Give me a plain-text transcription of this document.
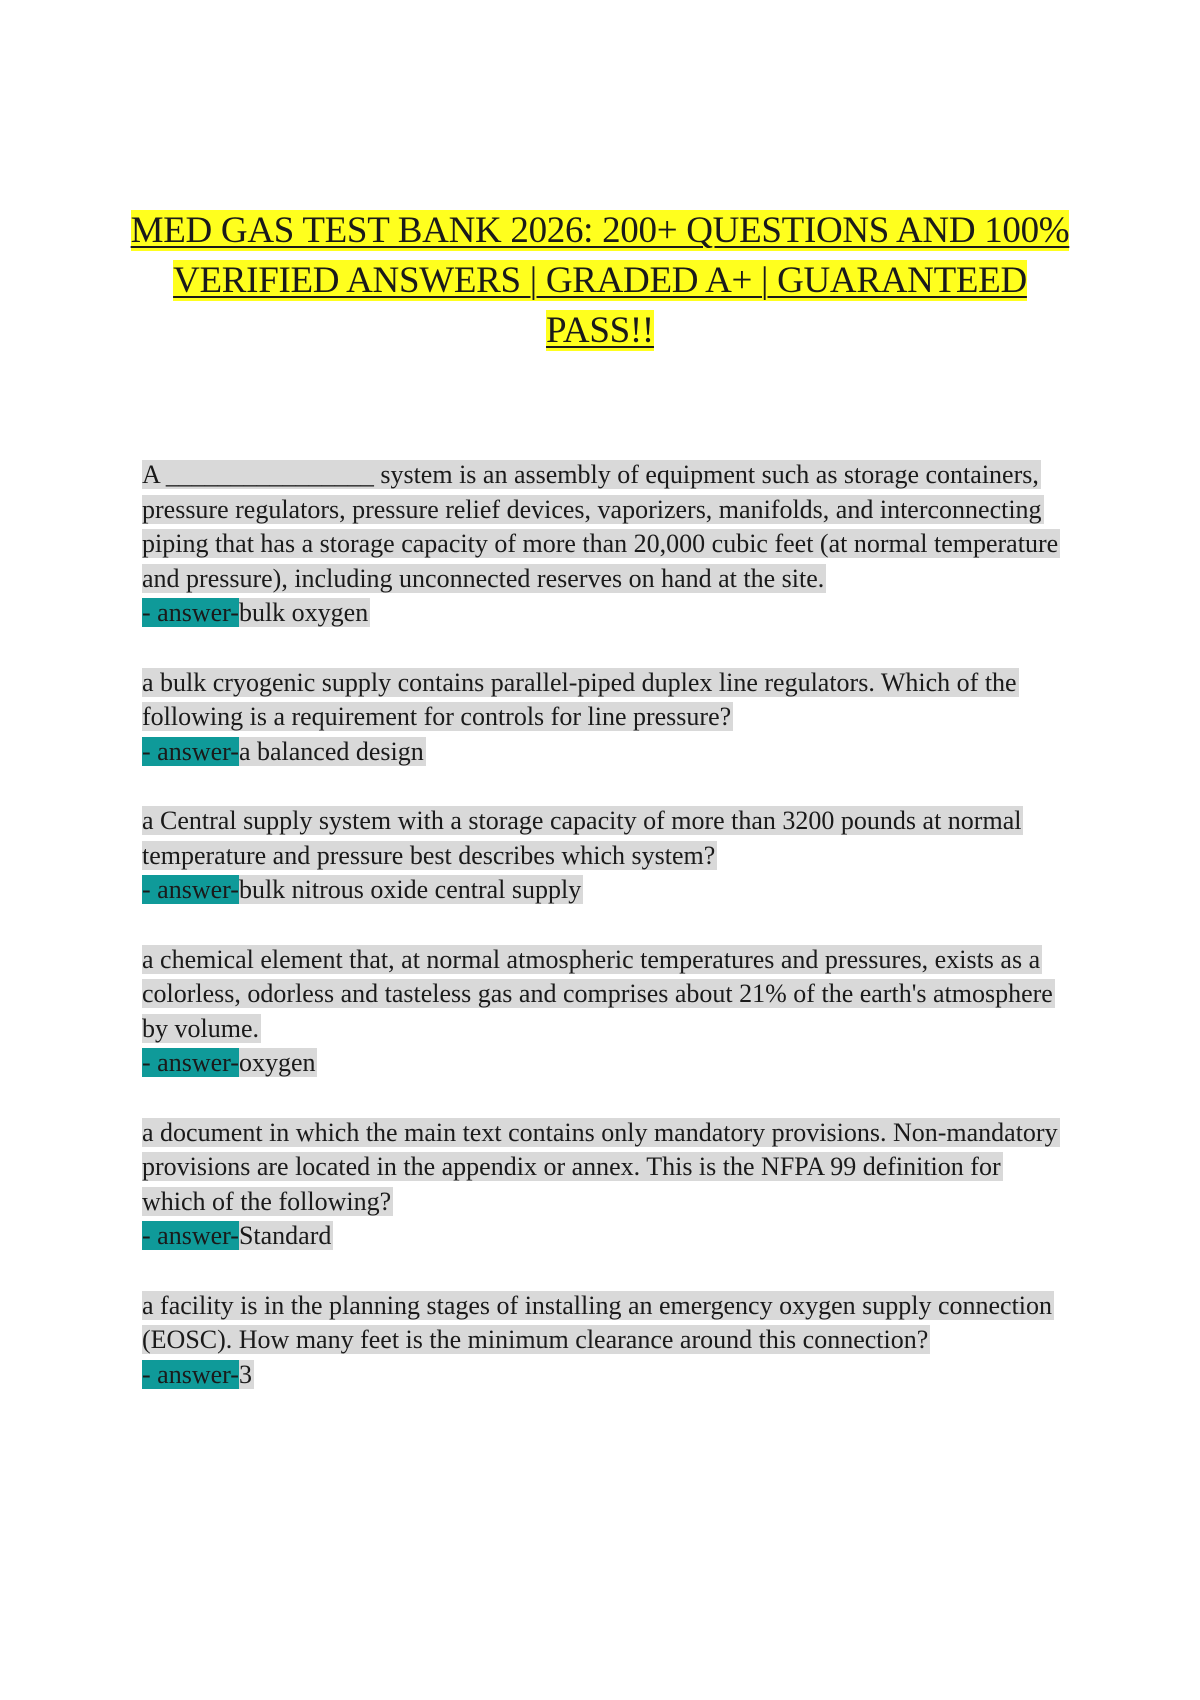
MED GAS TEST BANK 2026: 200+ QUESTIONS AND 100% VERIFIED ANSWERS | GRADED A+ | GUARANTEED PASS!!
A ________________ system is an assembly of equipment such as storage containers, pressure regulators, pressure relief devices, vaporizers, manifolds, and interconnecting piping that has a storage capacity of more than 20,000 cubic feet (at normal temperature and pressure), including unconnected reserves on hand at the site.
- answer-bulk oxygen
a bulk cryogenic supply contains parallel-piped duplex line regulators. Which of the following is a requirement for controls for line pressure?
- answer-a balanced design
a Central supply system with a storage capacity of more than 3200 pounds at normal temperature and pressure best describes which system?
- answer-bulk nitrous oxide central supply
a chemical element that, at normal atmospheric temperatures and pressures, exists as a colorless, odorless and tasteless gas and comprises about 21% of the earth's atmosphere by volume.
- answer-oxygen
a document in which the main text contains only mandatory provisions. Non-mandatory provisions are located in the appendix or annex. This is the NFPA 99 definition for which of the following?
- answer-Standard
a facility is in the planning stages of installing an emergency oxygen supply connection (EOSC). How many feet is the minimum clearance around this connection?
- answer-3
